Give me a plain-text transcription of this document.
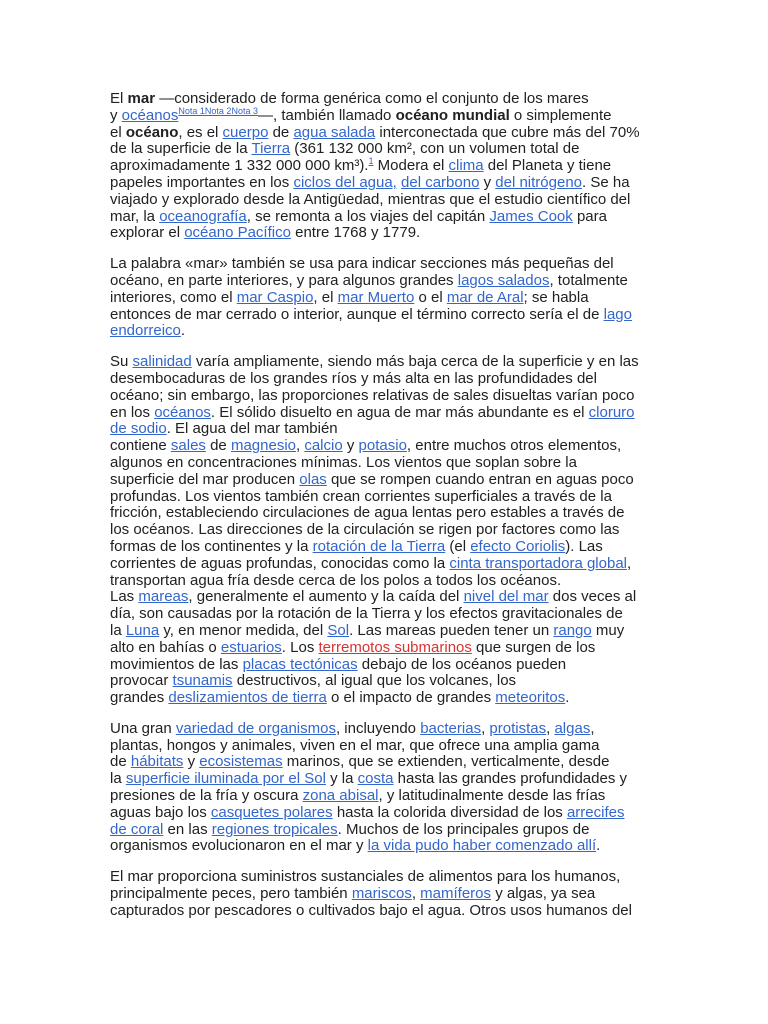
El mar —considerado de forma genérica como el conjunto de los mares
y océanos$^{Nota 1Nota 2Nota 3}$—, también llamado océano mundial o simplemente
el océano, es el cuerpo de agua salada interconectada que cubre más del 70%
de la superficie de la Tierra (361 132 000 km², con un volumen total de
aproximadamente 1 332 000 000 km³).$^1$ Modera el clima del Planeta y tiene
papeles importantes en los ciclos del agua, del carbono y del nitrógeno. Se ha
viajado y explorado desde la Antigüedad, mientras que el estudio científico del
mar, la oceanografía, se remonta a los viajes del capitán James Cook para
explorar el océano Pacífico entre 1768 y 1779.

La palabra «mar» también se usa para indicar secciones más pequeñas del
océano, en parte interiores, y para algunos grandes lagos salados, totalmente
interiores, como el mar Caspio, el mar Muerto o el mar de Aral; se habla
entonces de mar cerrado o interior, aunque el término correcto sería el de lago
endorreico.

Su salinidad varía ampliamente, siendo más baja cerca de la superficie y en las
desembocaduras de los grandes ríos y más alta en las profundidades del
océano; sin embargo, las proporciones relativas de sales disueltas varían poco
en los océanos. El sólido disuelto en agua de mar más abundante es el cloruro
de sodio. El agua del mar también
contiene sales de magnesio, calcio y potasio, entre muchos otros elementos,
algunos en concentraciones mínimas. Los vientos que soplan sobre la
superficie del mar producen olas que se rompen cuando entran en aguas poco
profundas. Los vientos también crean corrientes superficiales a través de la
fricción, estableciendo circulaciones de agua lentas pero estables a través de
los océanos. Las direcciones de la circulación se rigen por factores como las
formas de los continentes y la rotación de la Tierra (el efecto Coriolis). Las
corrientes de aguas profundas, conocidas como la cinta transportadora global,
transportan agua fría desde cerca de los polos a todos los océanos.
Las mareas, generalmente el aumento y la caída del nivel del mar dos veces al
día, son causadas por la rotación de la Tierra y los efectos gravitacionales de
la Luna y, en menor medida, del Sol. Las mareas pueden tener un rango muy
alto en bahías o estuarios. Los terremotos submarinos que surgen de los
movimientos de las placas tectónicas debajo de los océanos pueden
provocar tsunamis destructivos, al igual que los volcanes, los
grandes deslizamientos de tierra o el impacto de grandes meteoritos.

Una gran variedad de organismos, incluyendo bacterias, protistas, algas,
plantas, hongos y animales, viven en el mar, que ofrece una amplia gama
de hábitats y ecosistemas marinos, que se extienden, verticalmente, desde
la superficie iluminada por el Sol y la costa hasta las grandes profundidades y
presiones de la fría y oscura zona abisal, y latitudinalmente desde las frías
aguas bajo los casquetes polares hasta la colorida diversidad de los arrecifes
de coral en las regiones tropicales. Muchos de los principales grupos de
organismos evolucionaron en el mar y la vida pudo haber comenzado allí.

El mar proporciona suministros sustanciales de alimentos para los humanos,
principalmente peces, pero también mariscos, mamíferos y algas, ya sea
capturados por pescadores o cultivados bajo el agua. Otros usos humanos del
